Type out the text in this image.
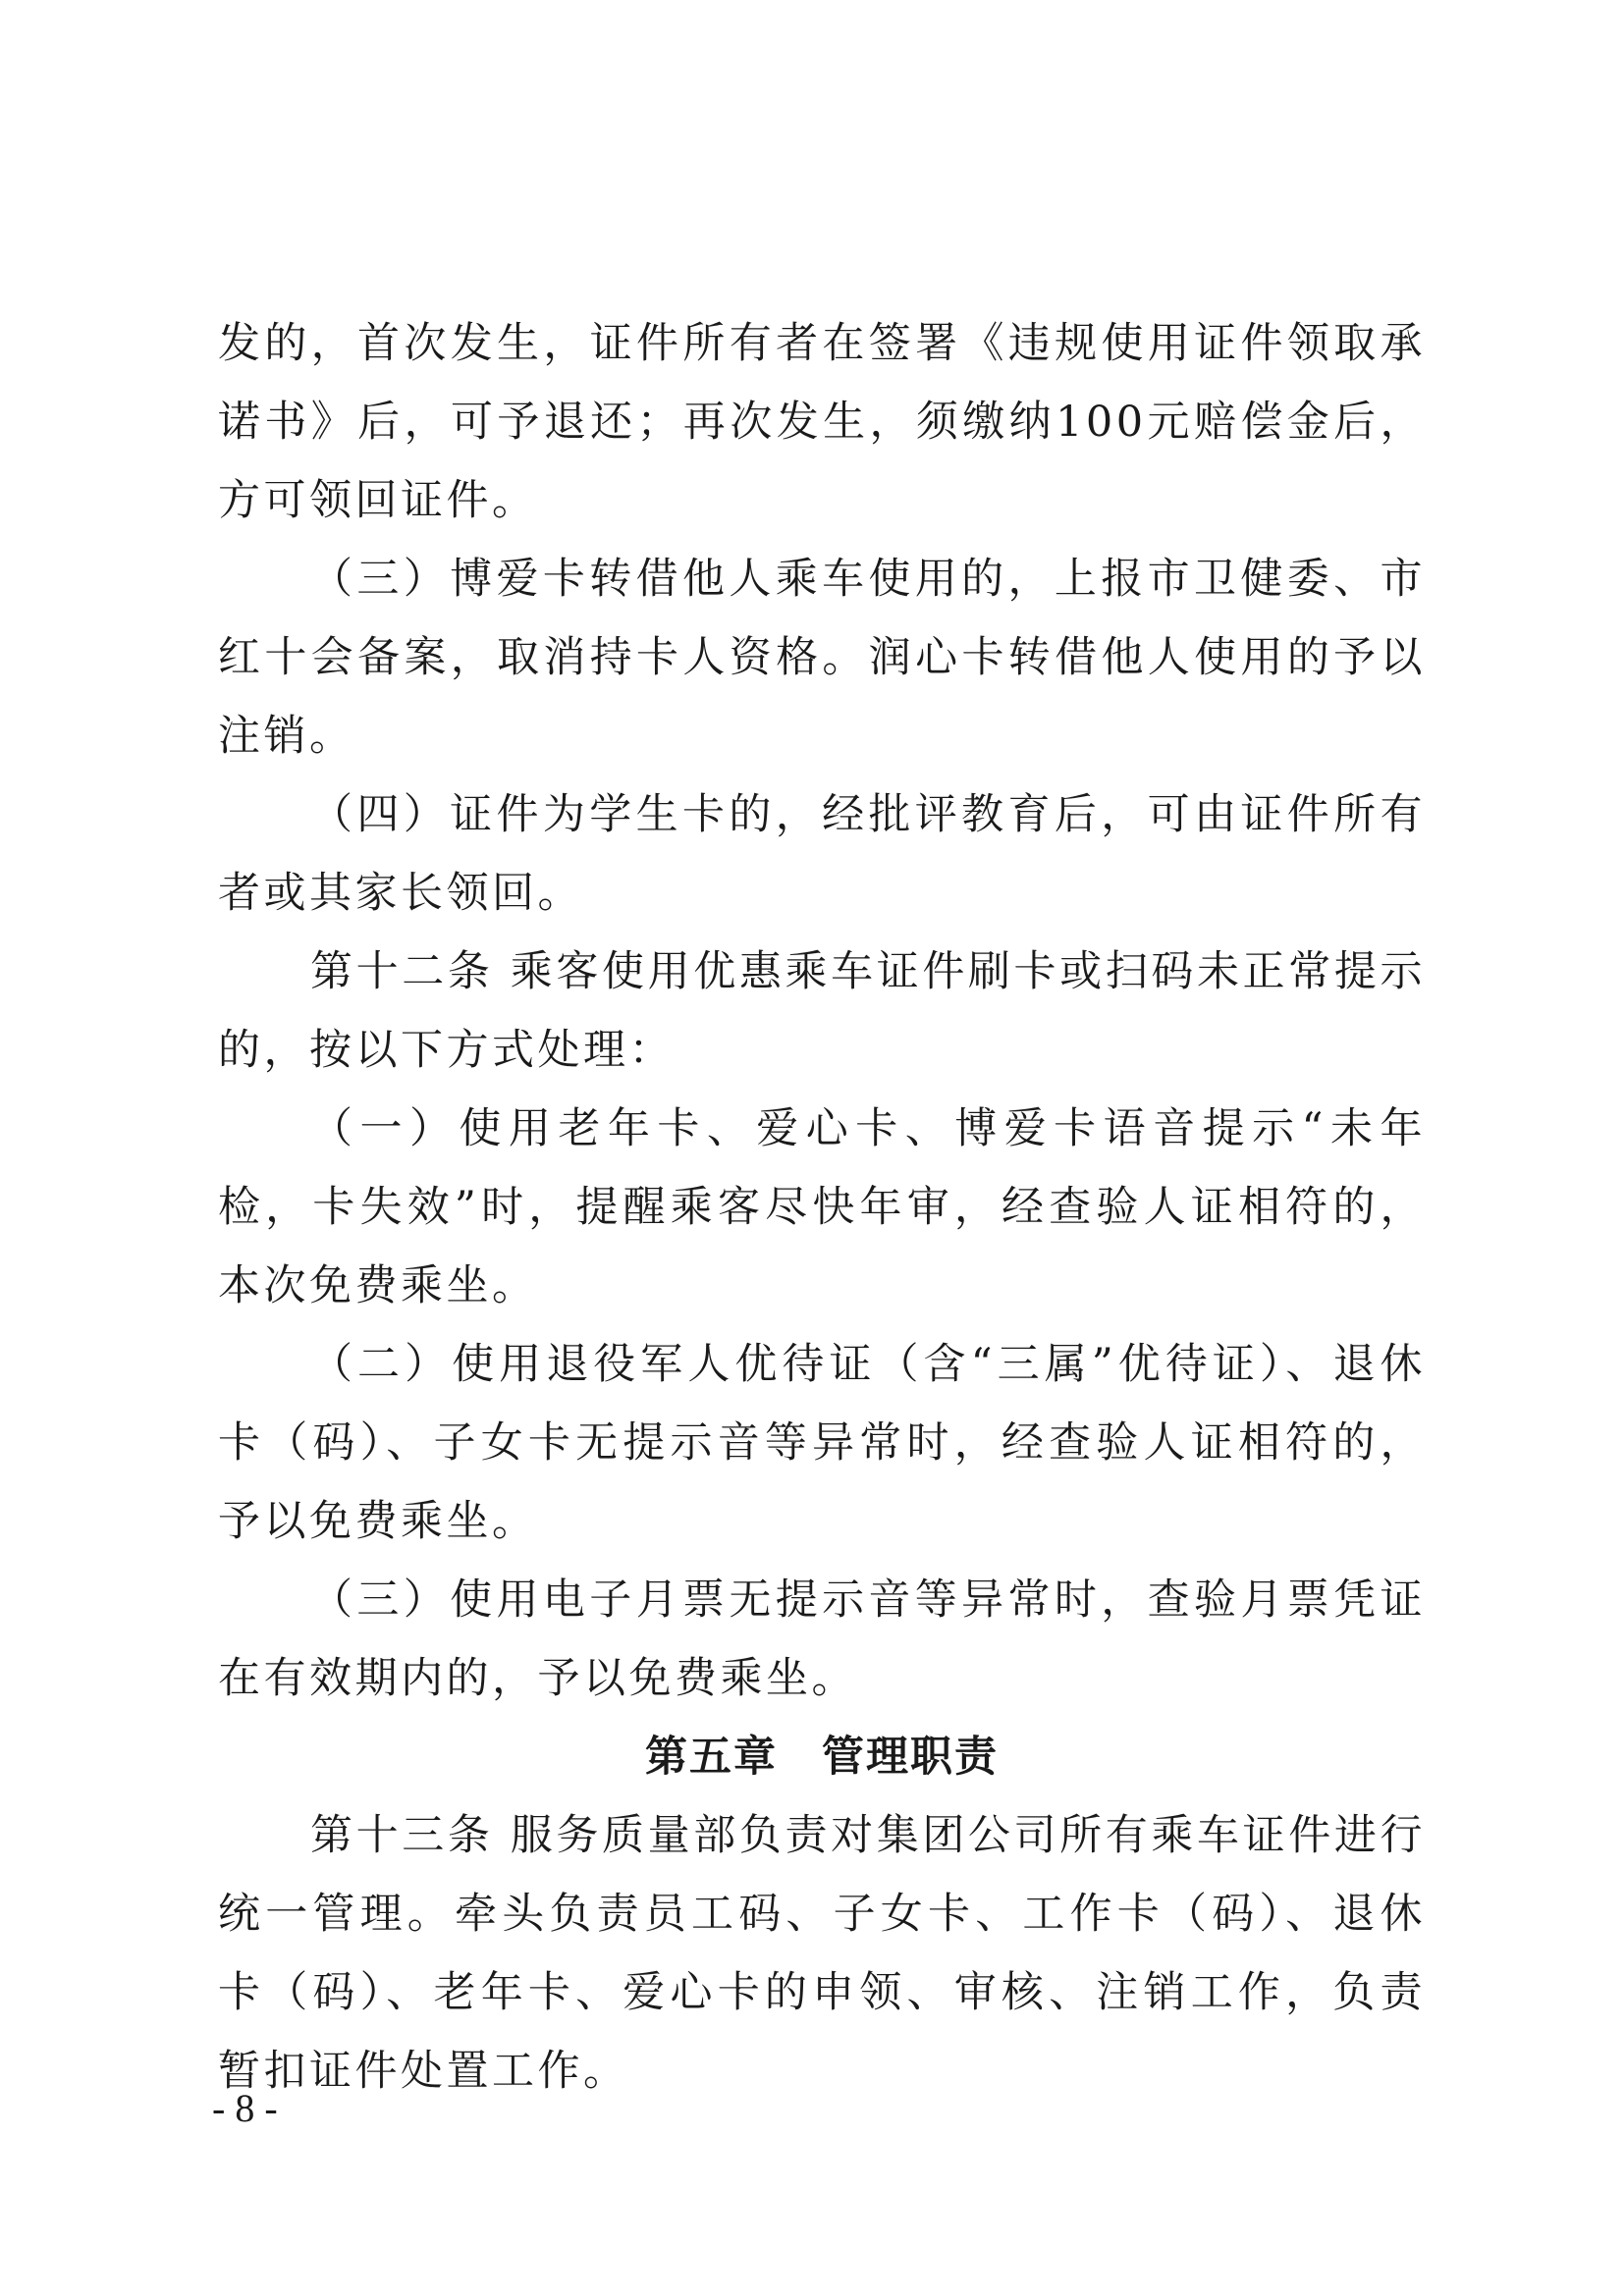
发的，首次发生，证件所有者在签署《违规使用证件领取承诺书》后，可予退还；再次发生，须缴纳100元赔偿金后，方可领回证件。

（三）博爱卡转借他人乘车使用的，上报市卫健委、市红十会备案，取消持卡人资格。润心卡转借他人使用的予以注销。

（四）证件为学生卡的，经批评教育后，可由证件所有者或其家长领回。

第十二条 乘客使用优惠乘车证件刷卡或扫码未正常提示的，按以下方式处理：

（一）使用老年卡、爱心卡、博爱卡语音提示“未年检，卡失效”时，提醒乘客尽快年审，经查验人证相符的，本次免费乘坐。

（二）使用退役军人优待证（含“三属”优待证）、退休卡（码）、子女卡无提示音等异常时，经查验人证相符的，予以免费乘坐。

（三）使用电子月票无提示音等异常时，查验月票凭证在有效期内的，予以免费乘坐。

第五章　管理职责

第十三条 服务质量部负责对集团公司所有乘车证件进行统一管理。牵头负责员工码、子女卡、工作卡（码）、退休卡（码）、老年卡、爱心卡的申领、审核、注销工作，负责暂扣证件处置工作。

- 8 -
